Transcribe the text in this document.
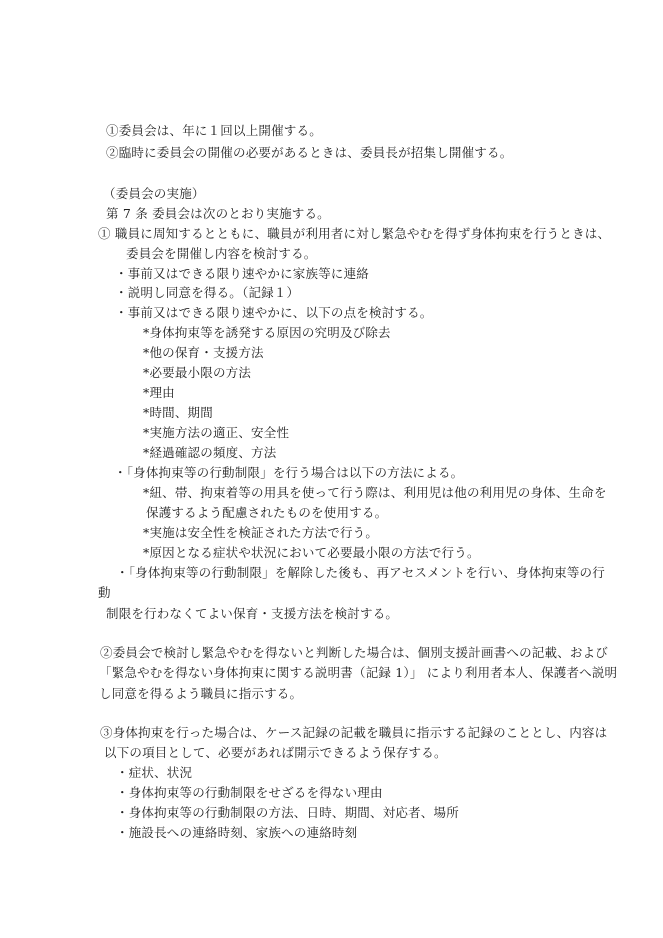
①委員会は、年に１回以上開催する。
②臨時に委員会の開催の必要があるときは、委員長が招集し開催する。
（委員会の実施）
第 7 条 委員会は次のとおり実施する。
① 職員に周知するとともに、職員が利用者に対し緊急やむを得ず身体拘束を行うときは、
委員会を開催し内容を検討する。
・事前又はできる限り速やかに家族等に連絡
・説明し同意を得る。（記録１）
・事前又はできる限り速やかに、以下の点を検討する。
*身体拘束等を誘発する原因の究明及び除去
*他の保育・支援方法
*必要最小限の方法
*理由
*時間、期間
*実施方法の適正、安全性
*経過確認の頻度、方法
・「身体拘束等の行動制限」を行う場合は以下の方法による。
*紐、帯、拘束着等の用具を使って行う際は、利用児は他の利用児の身体、生命を
保護するよう配慮されたものを使用する。
*実施は安全性を検証された方法で行う。
*原因となる症状や状況において必要最小限の方法で行う。
・「身体拘束等の行動制限」を解除した後も、再アセスメントを行い、身体拘束等の行
動
制限を行わなくてよい保育・支援方法を検討する。
②委員会で検討し緊急やむを得ないと判断した場合は、個別支援計画書への記載、および
「緊急やむを得ない身体拘束に関する説明書（記録 1）」 により利用者本人、保護者へ説明
し同意を得るよう職員に指示する。
③身体拘束を行った場合は、ケース記録の記載を職員に指示する記録のこととし、内容は
以下の項目として、必要があれば開示できるよう保存する。
・症状、状況
・身体拘束等の行動制限をせざるを得ない理由
・身体拘束等の行動制限の方法、日時、期間、対応者、場所
・施設長への連絡時刻、家族への連絡時刻
